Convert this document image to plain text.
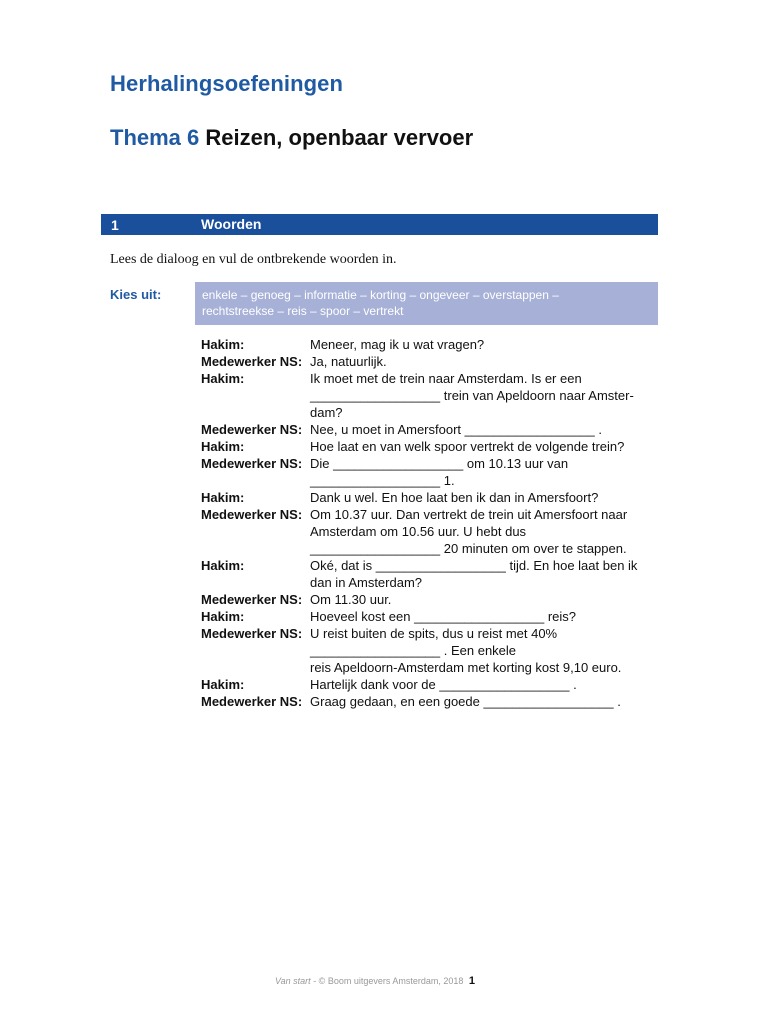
Herhalingsoefeningen
Thema 6 Reizen, openbaar vervoer
1	Woorden
Lees de dialoog en vul de ontbrekende woorden in.
Kies uit:	enkele – genoeg – informatie – korting – ongeveer – overstappen –
rechtstreekse – reis – spoor – vertrekt
Hakim:	Meneer, mag ik u wat vragen?
Medewerker NS: Ja, natuurlijk.
Hakim:	Ik moet met de trein naar Amsterdam. Is er een
__________________ trein van Apeldoorn naar Amster-
dam?
Medewerker NS: Nee, u moet in Amersfoort __________________ .
Hakim:	Hoe laat en van welk spoor vertrekt de volgende trein?
Medewerker NS: Die __________________ om 10.13 uur van
__________________ 1.
Hakim:	Dank u wel. En hoe laat ben ik dan in Amersfoort?
Medewerker NS: Om 10.37 uur. Dan vertrekt de trein uit Amersfoort naar
Amsterdam om 10.56 uur. U hebt dus
__________________ 20 minuten om over te stappen.
Hakim:	Oké, dat is __________________ tijd. En hoe laat ben ik
dan in Amsterdam?
Medewerker NS: Om 11.30 uur.
Hakim:	Hoeveel kost een __________________ reis?
Medewerker NS: U reist buiten de spits, dus u reist met 40%
__________________ . Een enkele
reis Apeldoorn-Amsterdam met korting kost 9,10 euro.
Hakim:	Hartelijk dank voor de __________________ .
Medewerker NS: Graag gedaan, en een goede __________________ .
Van start - © Boom uitgevers Amsterdam, 2018 1
